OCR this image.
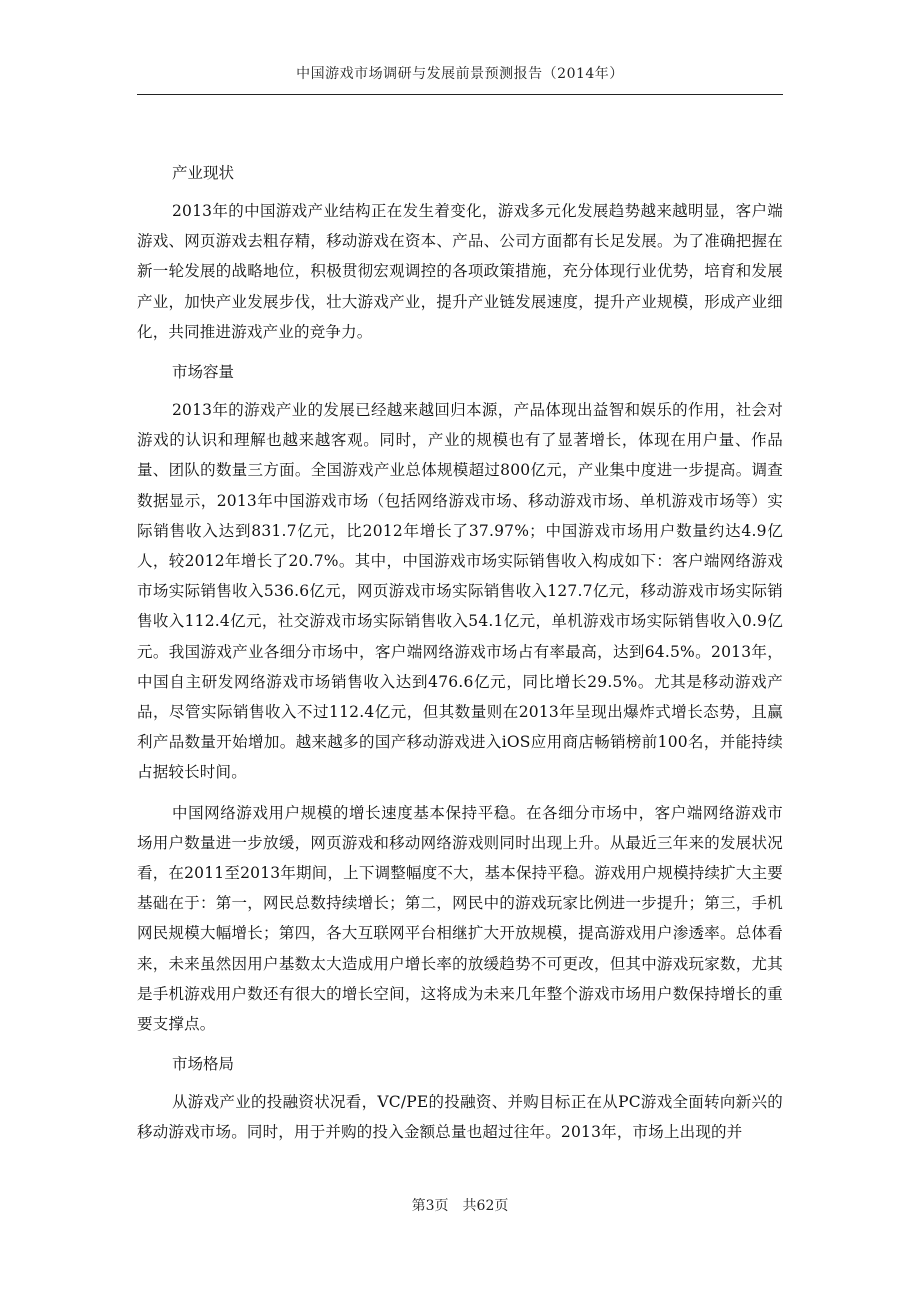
中国游戏市场调研与发展前景预测报告（2014年）
产业现状

2013年的中国游戏产业结构正在发生着变化，游戏多元化发展趋势越来越明显，客户端游戏、网页游戏去粗存精，移动游戏在资本、产品、公司方面都有长足发展。为了准确把握在新一轮发展的战略地位，积极贯彻宏观调控的各项政策措施，充分体现行业优势，培育和发展产业，加快产业发展步伐，壮大游戏产业，提升产业链发展速度，提升产业规模，形成产业细化，共同推进游戏产业的竞争力。

市场容量

2013年的游戏产业的发展已经越来越回归本源，产品体现出益智和娱乐的作用，社会对游戏的认识和理解也越来越客观。同时，产业的规模也有了显著增长，体现在用户量、作品量、团队的数量三方面。全国游戏产业总体规模超过800亿元，产业集中度进一步提高。调查数据显示，2013年中国游戏市场（包括网络游戏市场、移动游戏市场、单机游戏市场等）实际销售收入达到831.7亿元，比2012年增长了37.97%；中国游戏市场用户数量约达4.9亿人，较2012年增长了20.7%。其中，中国游戏市场实际销售收入构成如下：客户端网络游戏市场实际销售收入536.6亿元，网页游戏市场实际销售收入127.7亿元，移动游戏市场实际销售收入112.4亿元，社交游戏市场实际销售收入54.1亿元，单机游戏市场实际销售收入0.9亿元。我国游戏产业各细分市场中，客户端网络游戏市场占有率最高，达到64.5%。2013年，中国自主研发网络游戏市场销售收入达到476.6亿元，同比增长29.5%。尤其是移动游戏产品，尽管实际销售收入不过112.4亿元，但其数量则在2013年呈现出爆炸式增长态势，且赢利产品数量开始增加。越来越多的国产移动游戏进入iOS应用商店畅销榜前100名，并能持续占据较长时间。

中国网络游戏用户规模的增长速度基本保持平稳。在各细分市场中，客户端网络游戏市场用户数量进一步放缓，网页游戏和移动网络游戏则同时出现上升。从最近三年来的发展状况看，在2011至2013年期间，上下调整幅度不大，基本保持平稳。游戏用户规模持续扩大主要基础在于：第一，网民总数持续增长；第二，网民中的游戏玩家比例进一步提升；第三，手机网民规模大幅增长；第四，各大互联网平台相继扩大开放规模，提高游戏用户渗透率。总体看来，未来虽然因用户基数太大造成用户增长率的放缓趋势不可更改，但其中游戏玩家数，尤其是手机游戏用户数还有很大的增长空间，这将成为未来几年整个游戏市场用户数保持增长的重要支撑点。

市场格局

从游戏产业的投融资状况看，VC/PE的投融资、并购目标正在从PC游戏全面转向新兴的移动游戏市场。同时，用于并购的投入金额总量也超过往年。2013年，市场上出现的并

第3页　共62页
